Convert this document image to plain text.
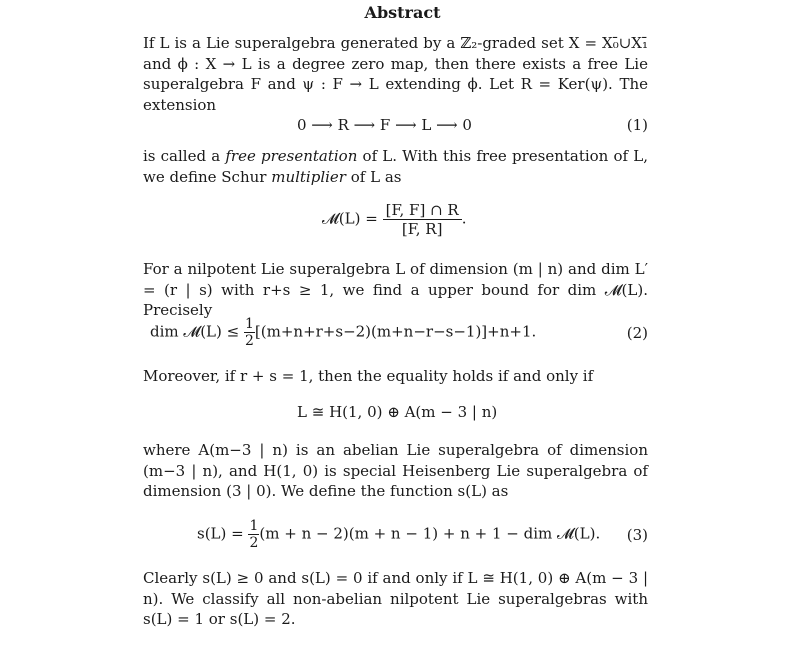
Abstract
If L is a Lie superalgebra generated by a ℤ₂-graded set X = X₀̄∪X₁̄ and ϕ : X → L is a degree zero map, then there exists a free Lie superalgebra F and ψ : F → L extending ϕ. Let R = Ker(ψ). The extension
0 ⟶ R ⟶ F ⟶ L ⟶ 0	(1)
is called a free presentation of L. With this free presentation of L, we define Schur multiplier of L as
𝓜(L) = $\frac{[F, F] \cap R}{[F, R]}$ .
For a nilpotent Lie superalgebra L of dimension (m | n) and dim L′ = (r | s) with r+s ≥ 1, we find a upper bound for dim 𝓜(L). Precisely
dim 𝓜(L) ≤ $\frac{1}{2} [(m+n+r+s-2)(m+n-r-s-1)]+n+1$.	(2)
Moreover, if r + s = 1, then the equality holds if and only if
L ≅ H(1, 0) ⊕ A(m − 3 | n)
where A(m−3 | n) is an abelian Lie superalgebra of dimension (m−3 | n), and H(1, 0) is special Heisenberg Lie superalgebra of dimension (3 | 0). We define the function s(L) as
$s(L) = \frac{1}{2} (m + n - 2)(m + n - 1) + n + 1$ − dim 𝓜(L). (3)
Clearly s(L) ≥ 0 and s(L) = 0 if and only if L ≅ H(1, 0) ⊕ A(m − 3 | n). We classify all non-abelian nilpotent Lie superalgebras with s(L) = 1 or s(L) = 2.
